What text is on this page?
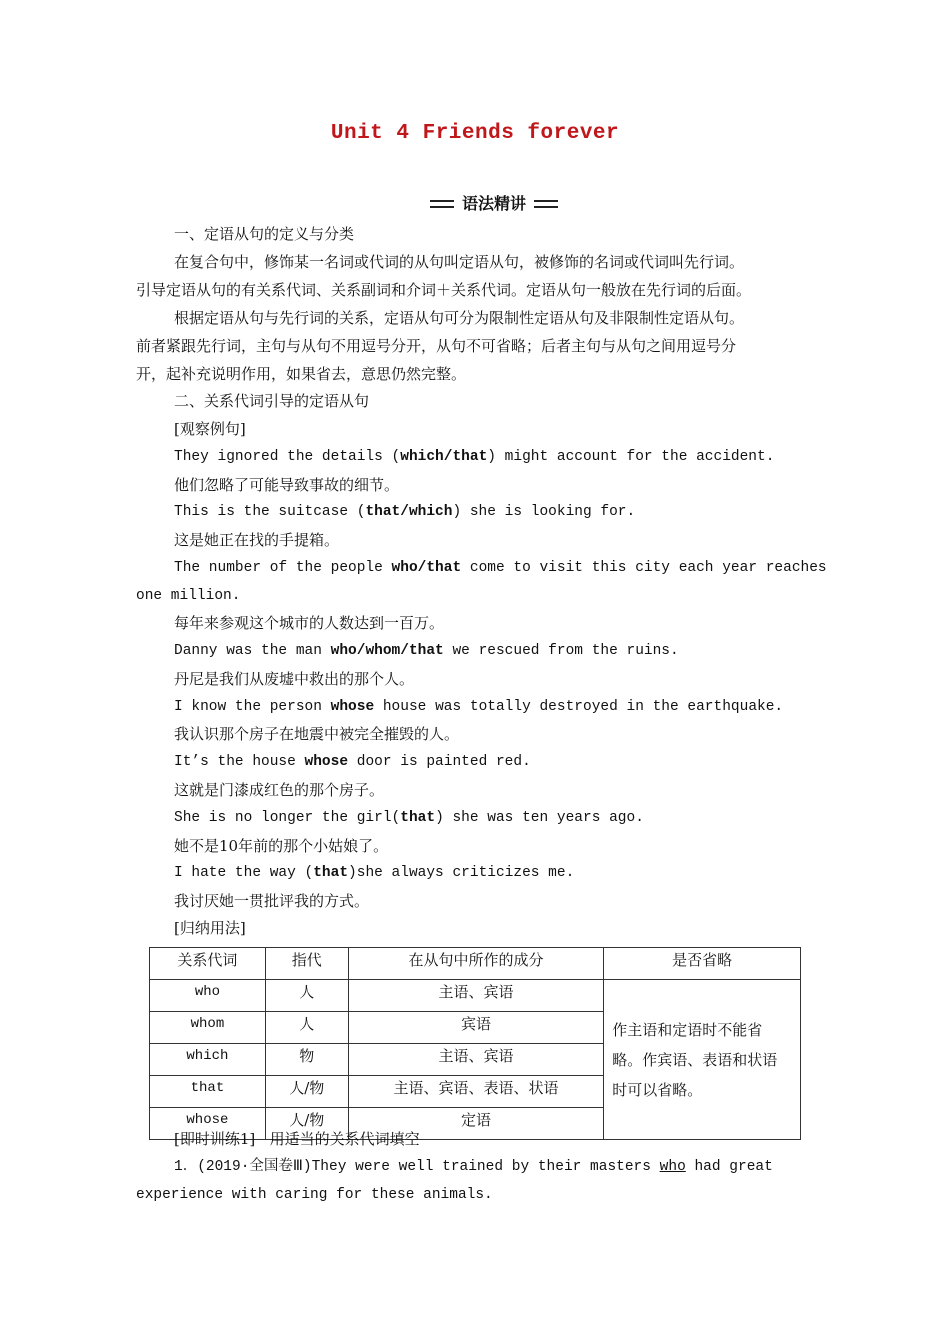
Unit 4 Friends forever
语法精讲
一、定语从句的定义与分类
在复合句中，修饰某一名词或代词的从句叫定语从句，被修饰的名词或代词叫先行词。
引导定语从句的有关系代词、关系副词和介词＋关系代词。定语从句一般放在先行词的后面。
根据定语从句与先行词的关系，定语从句可分为限制性定语从句及非限制性定语从句。
前者紧跟先行词，主句与从句不用逗号分开，从句不可省略；后者主句与从句之间用逗号分
开，起补充说明作用，如果省去，意思仍然完整。
二、关系代词引导的定语从句
[观察例句]
They ignored the details (which/that) might account for the accident.
他们忽略了可能导致事故的细节。
This is the suitcase (that/which) she is looking for.
这是她正在找的手提箱。
The number of the people who/that come to visit this city each year reaches
one million.
每年来参观这个城市的人数达到一百万。
Danny was the man who/whom/that we rescued from the ruins.
丹尼是我们从废墟中救出的那个人。
I know the person whose house was totally destroyed in the earthquake.
我认识那个房子在地震中被完全摧毁的人。
It’s the house whose door is painted red.
这就是门漆成红色的那个房子。
She is no longer the girl(that) she was ten years ago.
她不是10年前的那个小姑娘了。
I hate the way (that)she always criticizes me.
我讨厌她一贯批评我的方式。
[归纳用法]
关系代词	指代	在从句中所作的成分	是否省略
who	人	主语、宾语	作主语和定语时不能省略。作宾语、表语和状语时可以省略。
whom	人	宾语	
which	物	主语、宾语	
that	人/物	主语、宾语、表语、状语	
whose	人/物	定语	
[即时训练1] 用适当的关系代词填空
1．(2019·全国卷Ⅲ)They were well trained by their masters who had great
experience with caring for these animals.
